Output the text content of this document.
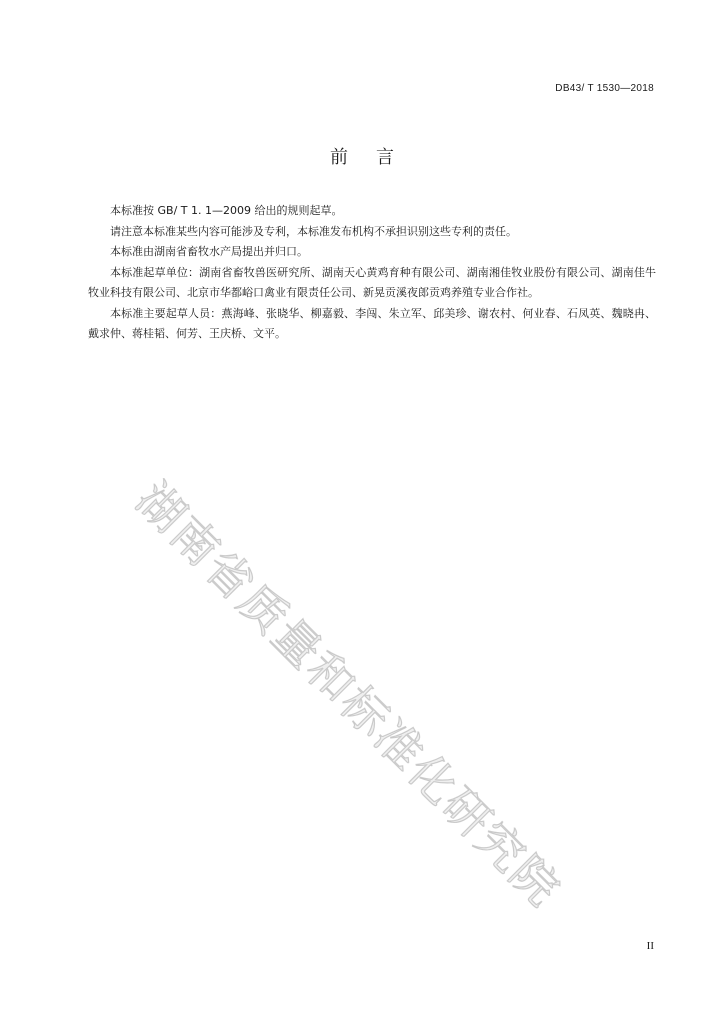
DB43/ T 1530—2018
前言

本标准按 GB/ T 1. 1—2009 给出的规则起草。

请注意本标准某些内容可能涉及专利，本标准发布机构不承担识别这些专利的责任。

本标准由湖南省畜牧水产局提出并归口。

本标准起草单位：湖南省畜牧兽医研究所、湖南天心黄鸡育种有限公司、湖南湘佳牧业股份有限公司、湖南佳牛牧业科技有限公司、北京市华都峪口禽业有限责任公司、新晃贡溪夜郎贡鸡养殖专业合作社。

本标准主要起草人员：燕海峰、张晓华、柳嘉毅、李闯、朱立军、邱美珍、谢农村、何业春、石凤英、魏晓冉、戴求仲、蒋桂韬、何芳、王庆桥、文平。

湖南省质量和标准化研究院
II
